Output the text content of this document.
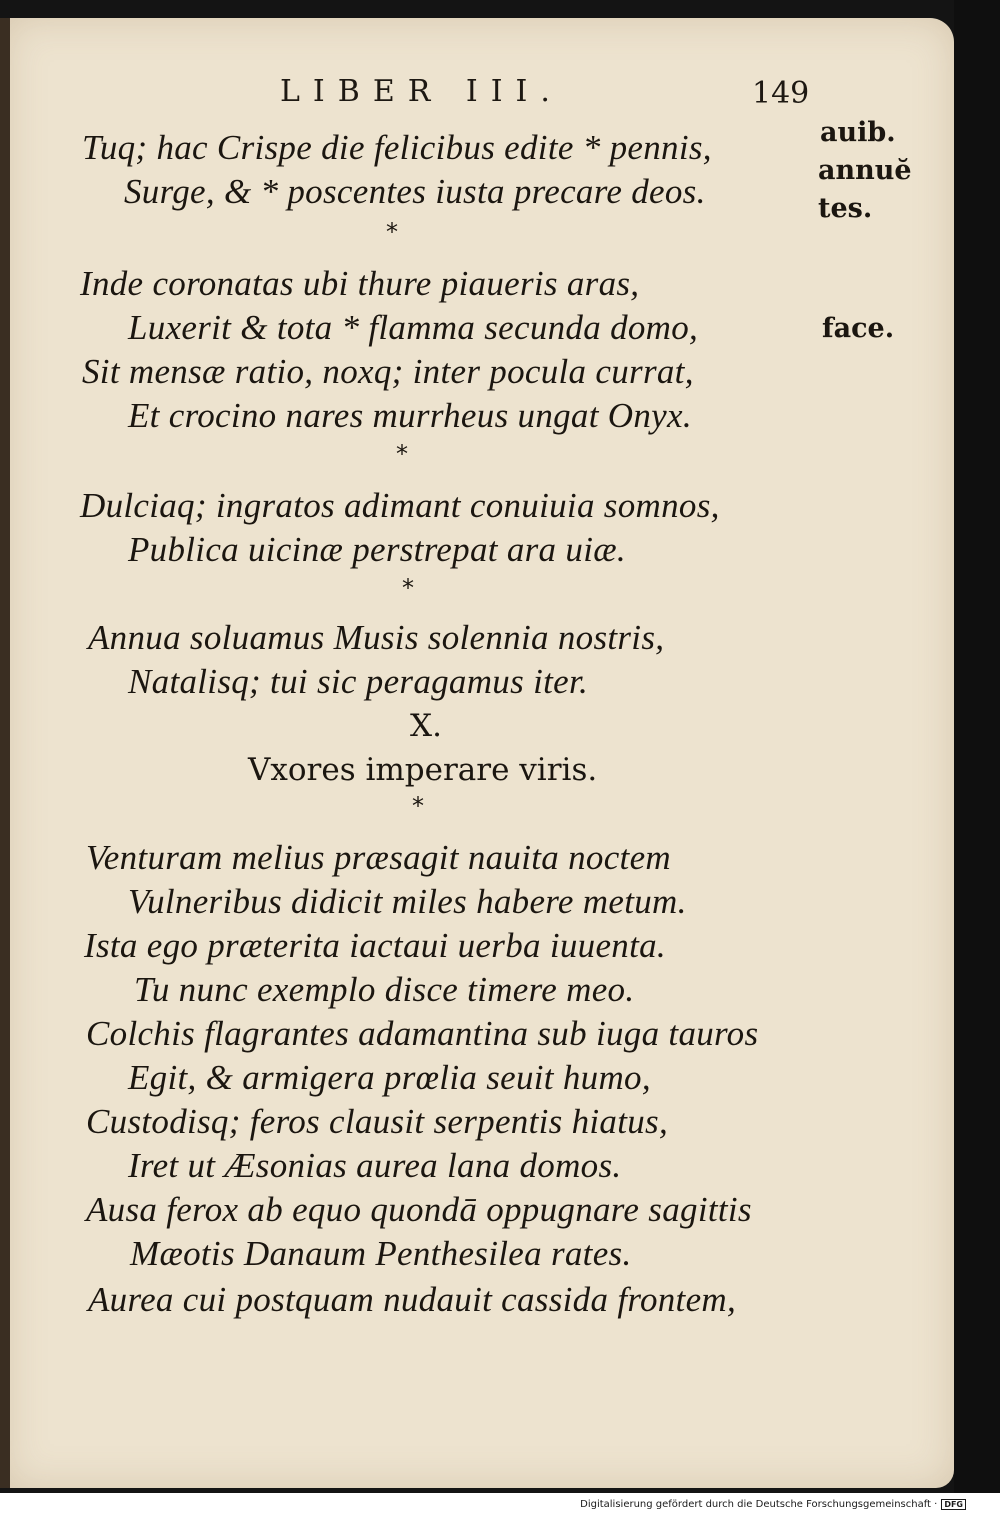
LIBER III.	149
auib.
annuĕtes.
face.
Tuq; hac Crispe die felicibus edite * pennis,
Surge, & * poscentes iusta precare deos.
*
Inde coronatas ubi thure piaueris aras,
Luxerit & tota * flamma secunda domo,
Sit mensæ ratio, noxq; inter pocula currat,
Et crocino nares murrheus ungat Onyx.
*
Dulciaq; ingratos adimant conuiuia somnos,
Publica uicinæ perstrepat ara uiæ.
*
Annua soluamus Musis solennia nostris,
Natalisq; tui sic peragamus iter.
X.
Vxores imperare viris.
*
Venturam melius præsagit nauita noctem
Vulneribus didicit miles habere metum.
Ista ego præterita iactaui uerba iuuenta.
Tu nunc exemplo disce timere meo.
Colchis flagrantes adamantina sub iuga tauros
Egit, & armigera prœlia seuit humo,
Custodisq; feros clausit serpentis hiatus,
Iret ut Æsonias aurea lana domos.
Ausa ferox ab equo quondā oppugnare sagittis
Mæotis Danaum Penthesilea rates.
Aurea cui postquam nudauit cassida frontem,
Digitalisierung gefördert durch die Deutsche Forschungsgemeinschaft · DFG
